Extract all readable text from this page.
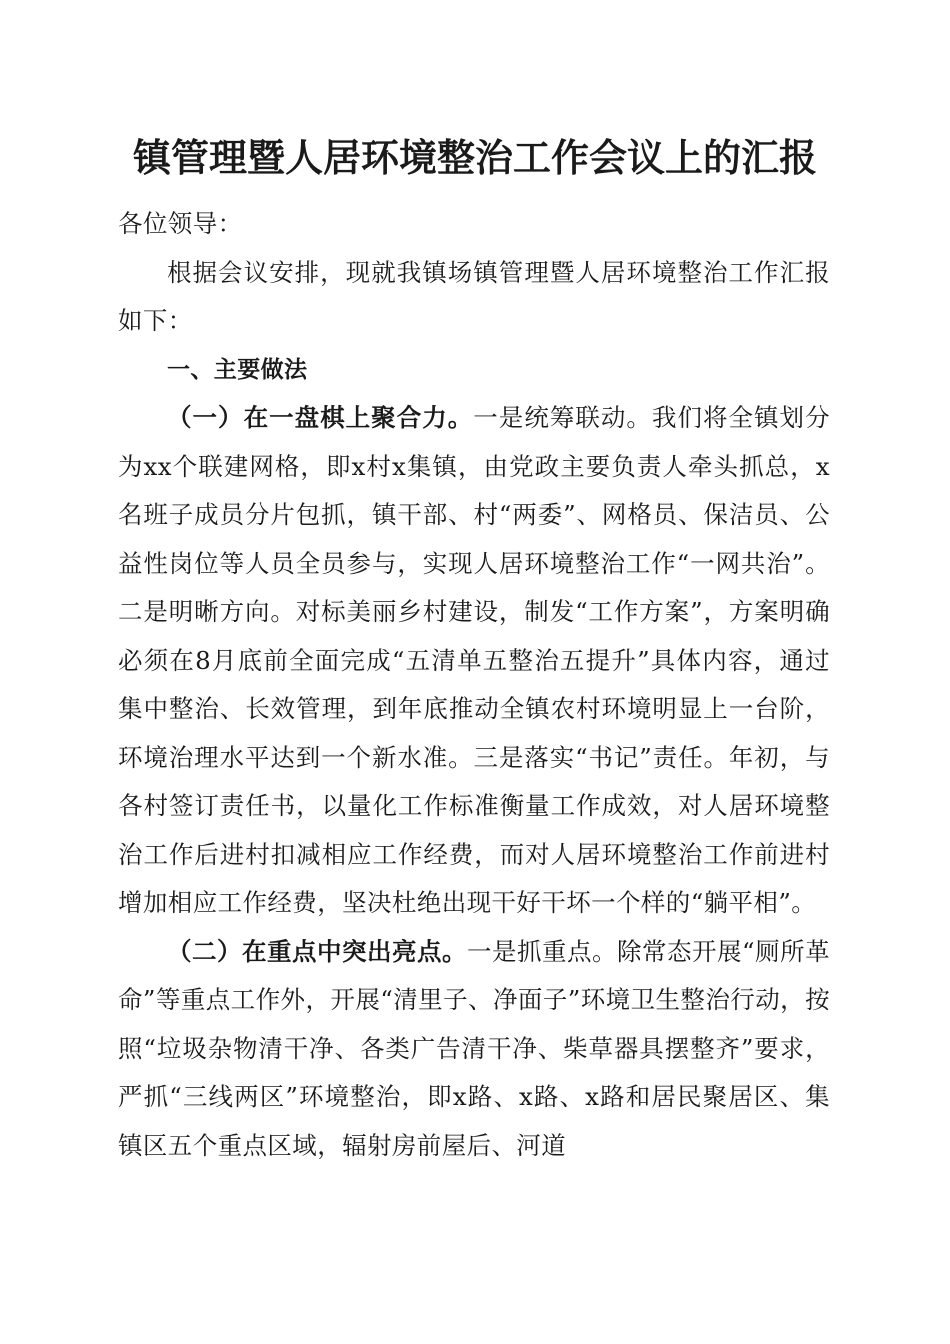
镇管理暨人居环境整治工作会议上的汇报

各位领导：

根据会议安排，现就我镇场镇管理暨人居环境整治工作汇报如下：

一、主要做法

（一）在一盘棋上聚合力。一是统筹联动。我们将全镇划分为xx个联建网格，即x村x集镇，由党政主要负责人牵头抓总，x名班子成员分片包抓，镇干部、村“两委”、网格员、保洁员、公益性岗位等人员全员参与，实现人居环境整治工作“一网共治”。二是明晰方向。对标美丽乡村建设，制发“工作方案”，方案明确必须在8月底前全面完成“五清单五整治五提升”具体内容，通过集中整治、长效管理，到年底推动全镇农村环境明显上一台阶，环境治理水平达到一个新水准。三是落实“书记”责任。年初，与各村签订责任书，以量化工作标准衡量工作成效，对人居环境整治工作后进村扣减相应工作经费，而对人居环境整治工作前进村增加相应工作经费，坚决杜绝出现干好干坏一个样的“躺平相”。

（二）在重点中突出亮点。一是抓重点。除常态开展“厕所革命”等重点工作外，开展“清里子、净面子”环境卫生整治行动，按照“垃圾杂物清干净、各类广告清干净、柴草器具摆整齐”要求，严抓“三线两区”环境整治，即x路、x路、x路和居民聚居区、集镇区五个重点区域，辐射房前屋后、河道
